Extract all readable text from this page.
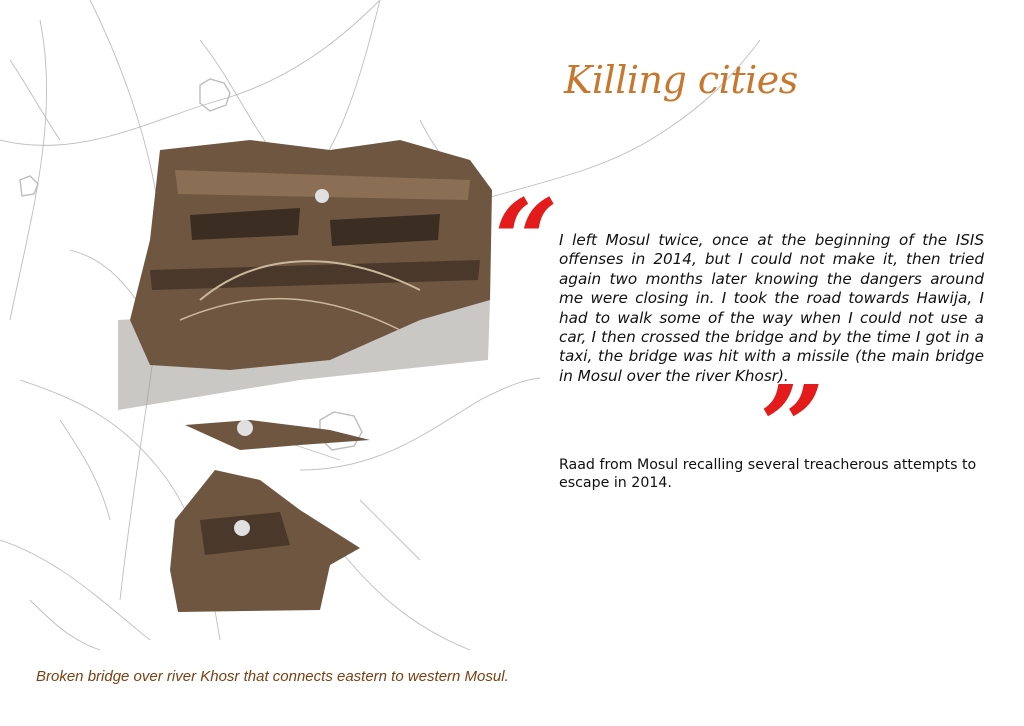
Killing cities
“ I left Mosul twice, once at the beginning of the ISIS offenses in 2014, but I could not make it, then tried again two months later knowing the dangers around me were closing in. I took the road towards Hawija, I had to walk some of the way when I could not use a car, I then crossed the bridge and by the time I got in a taxi, the bridge was hit with a missile (the main bridge in Mosul over the river Khosr).

”

Raad from Mosul recalling several treacherous attempts to escape in 2014.

Broken bridge over river Khosr that connects eastern to western Mosul.
